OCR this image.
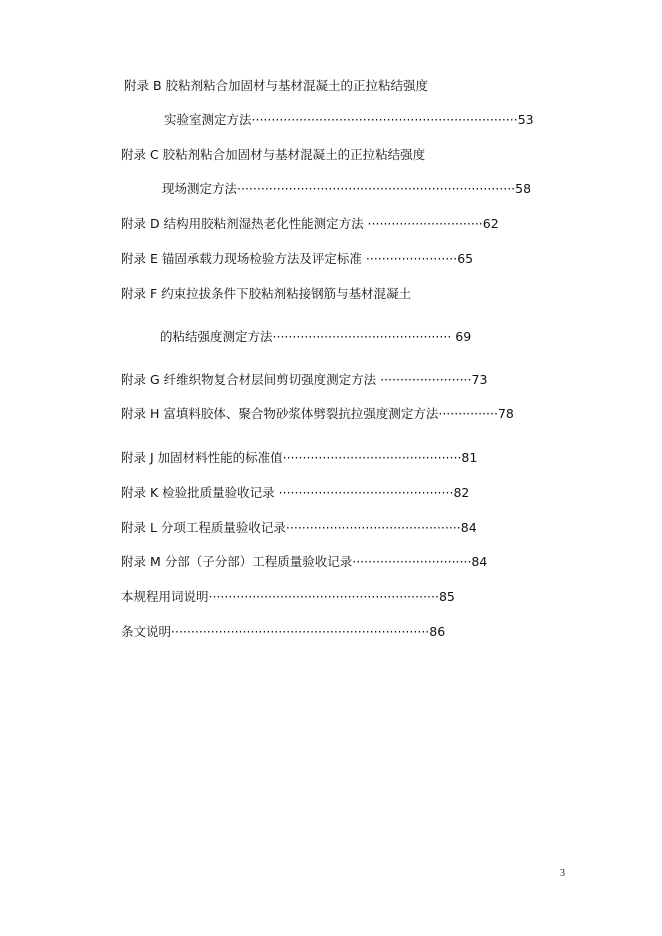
附录 B 胶粘剂粘合加固材与基材混凝土的正拉粘结强度
实验室测定方法···································································53
附录 C 胶粘剂粘合加固材与基材混凝土的正拉粘结强度
现场测定方法······································································58
附录 D 结构用胶粘剂湿热老化性能测定方法 ·····························62
附录 E 锚固承载力现场检验方法及评定标准 ·······················65
附录 F 约束拉拔条件下胶粘剂粘接钢筋与基材混凝土
的粘结强度测定方法············································· 69
附录 G 纤维织物复合材层间剪切强度测定方法 ·······················73
附录 H 富填料胶体、聚合物砂浆体劈裂抗拉强度测定方法···············78
附录 J 加固材料性能的标准值·············································81
附录 K 检验批质量验收记录 ············································82
附录 L 分项工程质量验收记录············································84
附录 M 分部（子分部）工程质量验收记录······························84
本规程用词说明··························································85
条文说明·································································86
3
